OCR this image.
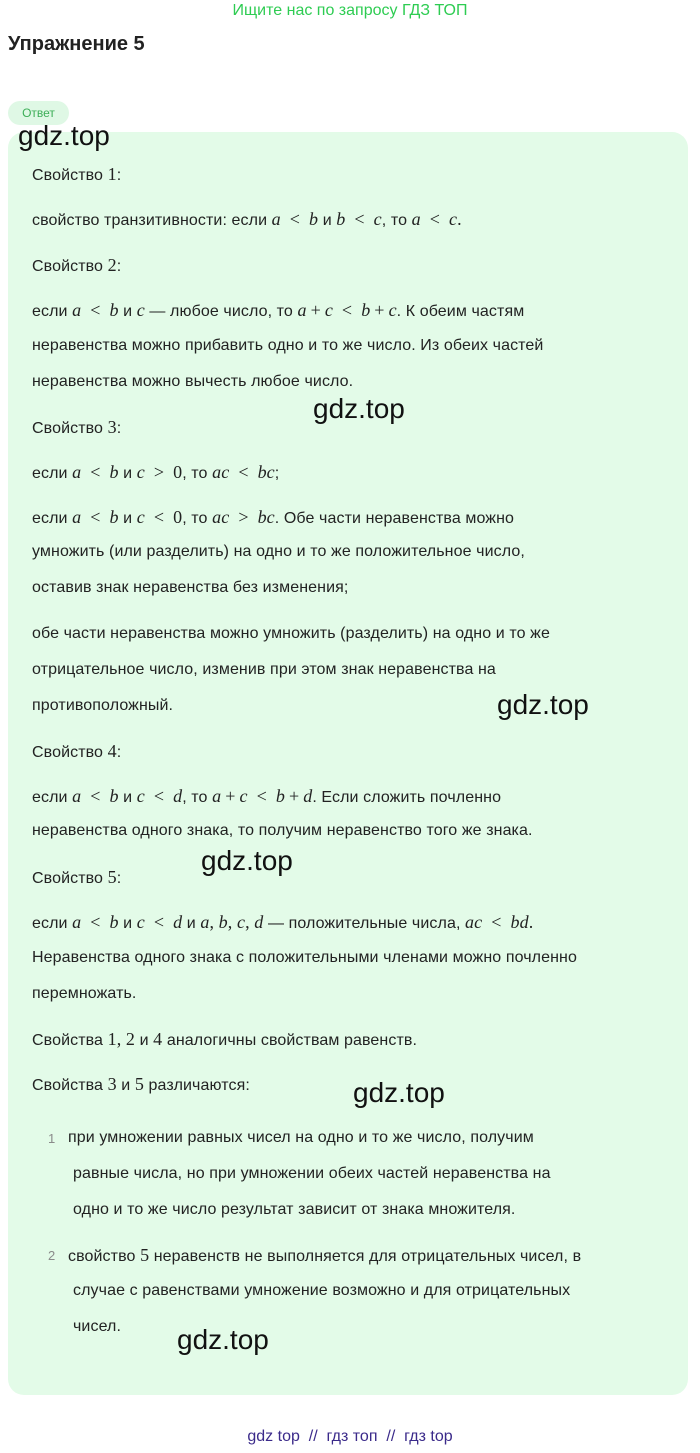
Ищите нас по запросу ГДЗ ТОП
Упражнение 5
Ответ
Свойство 1:
свойство транзитивности: если a < b и b < c, то a < c.
Свойство 2:
если a < b и c — любое число, то a + c < b + c. К обеим частям
неравенства можно прибавить одно и то же число. Из обеих частей
неравенства можно вычесть любое число.
Свойство 3:
если a < b и c > 0, то ac < bc;
если a < b и c < 0, то ac > bc. Обе части неравенства можно
умножить (или разделить) на одно и то же положительное число,
оставив знак неравенства без изменения;
обе части неравенства можно умножить (разделить) на одно и то же
отрицательное число, изменив при этом знак неравенства на
противоположный.
Свойство 4:
если a < b и c < d, то a + c < b + d. Если сложить почленно
неравенства одного знака, то получим неравенство того же знака.
Свойство 5:
если a < b и c < d и a, b, c, d — положительные числа, ac < bd.
Неравенства одного знака с положительными членами можно почленно
перемножать.
Свойства 1, 2 и 4 аналогичны свойствам равенств.
Свойства 3 и 5 различаются:
1 при умножении равных чисел на одно и то же число, получим
равные числа, но при умножении обеих частей неравенства на
одно и то же число результат зависит от знака множителя.
2 свойство 5 неравенств не выполняется для отрицательных чисел, в
случае с равенствами умножение возможно и для отрицательных
чисел.
gdz.top
gdz.top
gdz.top
gdz.top
gdz.top
gdz.top
gdz top  //  гдз топ  //  гдз top
